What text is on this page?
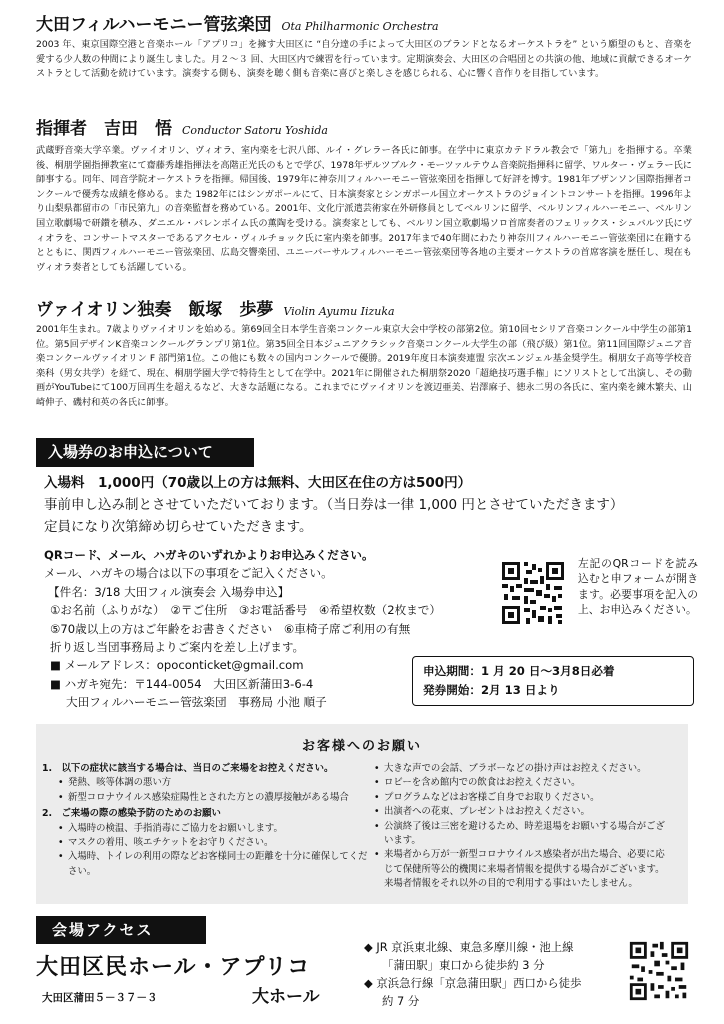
大田フィルハーモニー管弦楽団 Ota Philharmonic Orchestra

2003 年、東京国際空港と音楽ホール「アプリコ」を擁す大田区に “自分達の手によって大田区のブランドとなるオーケストラを” という願望のもと、音楽を愛する少人数の仲間により誕生しました。月２～３ 回、大田区内で練習を行っています。定期演奏会、大田区の合唱団との共演の他、地域に貢献できるオーケストラとして活動を続けています。演奏する側も、演奏を聴く側も音楽に喜びと楽しさを感じられる、心に響く音作りを目指しています。

指揮者　吉田　悟 Conductor Satoru Yoshida

武蔵野音楽大学卒業。ヴァイオリン、ヴィオラ、室内楽を七沢八郎、ルイ・グレラー各氏に師事。在学中に東京カテドラル教会で「第九」を指揮する。卒業後、桐朋学園指揮教室にて齋藤秀雄指揮法を高階正光氏のもとで学び、1978年ザルツブルク・モーツァルテウム音楽院指揮科に留学、ワルター・ヴェラー氏に師事する。同年、同音学院オーケストラを指揮。帰国後、1979年に神奈川フィルハーモニー管弦楽団を指揮して好評を博す。1981年ブザンソン国際指揮者コンクールで優秀な成績を修める。また 1982年にはシンガポールにて、日本演奏家とシンガポール国立オーケストラのジョイントコンサートを指揮。1996年より山梨県都留市の「市民第九」の音楽監督を務めている。2001年、文化庁派遣芸術家在外研修員としてベルリンに留学、ベルリンフィルハーモニー、ベルリン国立歌劇場で研鑚を積み、ダニエル・バレンボイム氏の薫陶を受ける。演奏家としても、ベルリン国立歌劇場ソロ首席奏者のフェリックス・シュバルツ氏にヴィオラを、コンサートマスターであるアクセル・ヴィルチョック氏に室内楽を師事。2017年まで40年間にわたり神奈川フィルハーモニー管弦楽団に在籍するとともに、関西フィルハーモニー管弦楽団、広島交響楽団、ユニーバーサルフィルハーモニー管弦楽団等各地の主要オーケストラの首席客演を歴任し、現在もヴィオラ奏者としても活躍している。

ヴァイオリン独奏　飯塚　歩夢 Violin Ayumu Iizuka

2001年生まれ。7歳よりヴァイオリンを始める。第69回全日本学生音楽コンクール東京大会中学校の部第2位。第10回セシリア音楽コンクール中学生の部第1位。第5回デザインK音楽コンクールグランプリ第1位。第35回全日本ジュニアクラシック音楽コンクール大学生の部（飛び級）第1位。第11回国際ジュニア音楽コンクールヴァイオリン F 部門第1位。この他にも数々の国内コンクールで優勝。2019年度日本演奏連盟 宗次エンジェル基金奨学生。桐朋女子高等学校音楽科（男女共学）を経て、現在、桐朋学園大学で特待生として在学中。2021年に開催された桐朋祭2020「超絶技巧選手権」にソリストとして出演し、その動画がYouTubeにて100万回再生を超えるなど、大きな話題になる。これまでにヴァイオリンを渡辺亜美、岩澤麻子、徳永二男の各氏に、室内楽を練木繁夫、山崎伸子、磯村和英の各氏に師事。

入場券のお申込について
入場料　1,000円（70歳以上の方は無料、大田区在住の方は500円）
事前申し込み制とさせていただいております。（当日券は一律 1,000 円とさせていただきます）
定員になり次第締め切らせていただきます。
QRコード、メール、ハガキのいずれかよりお申込みください。
メール、ハガキの場合は以下の事項をご記入ください。
【件名：3/18 大田フィル演奏会 入場券申込】
①お名前（ふりがな）　②〒ご住所　③お電話番号　④希望枚数（2枚まで）
⑤70歳以上の方はご年齢をお書きください　⑥車椅子席ご利用の有無
折り返し当団事務局よりご案内を差し上げます。
■ メールアドレス：opoconticket@gmail.com
■ ハガキ宛先：〒144-0054　大田区新蒲田3-6-4
大田フィルハーモニー管弦楽団　事務局 小池 順子
左記のQRコードを読み込むと申フォームが開きます。必要事項を記入の上、お申込みください。
申込期間：1 月 20 日～3月8日必着
発券開始：2月 13 日より
お客様へのお願い
1.　以下の症状に該当する場合は、当日のご来場をお控えください。
• 発熱、咳等体調の悪い方
• 新型コロナウイルス感染症陽性とされた方との濃厚接触がある場合
2.　ご来場の際の感染予防のためのお願い
• 入場時の検温、手指消毒にご協力をお願いします。
• マスクの着用、咳エチケットをお守りください。
• 入場時、トイレの利用の際などお客様同士の距離を十分に確保してください。
• 大きな声での会話、ブラボーなどの掛け声はお控えください。
• ロビーを含め館内での飲食はお控えください。
• プログラムなどはお客様ご自身でお取りください。
• 出演者への花束、プレゼントはお控えください。
• 公演終了後は三密を避けるため、時差退場をお願いする場合がございます。
• 来場者から万が一新型コロナウイルス感染者が出た場合、必要に応じて保健所等公的機関に来場者情報を提供する場合がございます。来場者情報をそれ以外の目的で利用する事はいたしません。
会場アクセス
大田区民ホール・アプリコ
大田区蒲田５－３７－３	大ホール
◆ JR 京浜東北線、東急多摩川線・池上線
「蒲田駅」東口から徒歩約 3 分
◆ 京浜急行線「京急蒲田駅」西口から徒歩
約 7 分
